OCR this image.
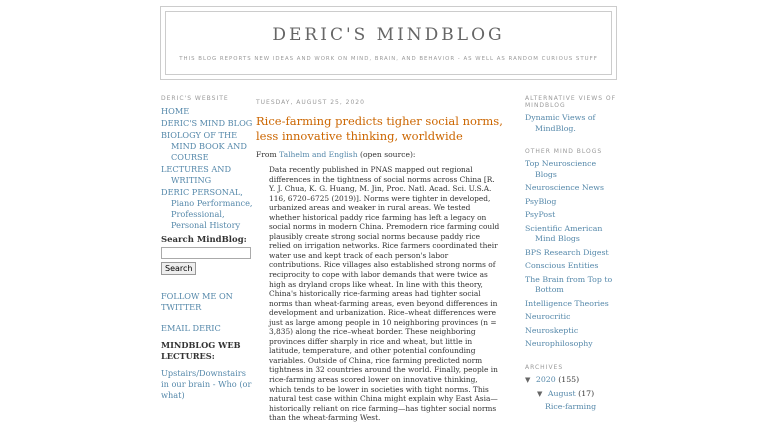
DERIC'S MINDBLOG
THIS BLOG REPORTS NEW IDEAS AND WORK ON MIND, BRAIN, AND BEHAVIOR - AS WELL AS RANDOM CURIOUS STUFF
DERIC'S WEBSITE
HOME
DERIC'S MIND BLOG
BIOLOGY OF THE MIND BOOK AND COURSE
LECTURES AND WRITING
DERIC PERSONAL, Piano Performance, Professional, Personal History
Search MindBlog:
Search
FOLLOW ME ON TWITTER
EMAIL DERIC
MINDBLOG WEB LECTURES:
Upstairs/Downstairs in our brain - Who (or what)
TUESDAY, AUGUST 25, 2020
Rice-farming predicts tigher social norms, less innovative thinking, worldwide
From Talhelm and English (open source):
Data recently published in PNAS mapped out regional differences in the tightness of social norms across China [R. Y. J. Chua, K. G. Huang, M. Jin, Proc. Natl. Acad. Sci. U.S.A. 116, 6720–6725 (2019)]. Norms were tighter in developed, urbanized areas and weaker in rural areas. We tested whether historical paddy rice farming has left a legacy on social norms in modern China. Premodern rice farming could plausibly create strong social norms because paddy rice relied on irrigation networks. Rice farmers coordinated their water use and kept track of each person's labor contributions. Rice villages also established strong norms of reciprocity to cope with labor demands that were twice as high as dryland crops like wheat. In line with this theory, China's historically rice-farming areas had tighter social norms than wheat-farming areas, even beyond differences in development and urbanization. Rice–wheat differences were just as large among people in 10 neighboring provinces (n = 3,835) along the rice–wheat border. These neighboring provinces differ sharply in rice and wheat, but little in latitude, temperature, and other potential confounding variables. Outside of China, rice farming predicted norm tightness in 32 countries around the world. Finally, people in rice-farming areas scored lower on innovative thinking, which tends to be lower in societies with tight norms. This natural test case within China might explain why East Asia—historically reliant on rice farming—has tighter social norms than the wheat-farming West.
ALTERNATIVE VIEWS OF MINDBLOG
Dynamic Views of MindBlog.
OTHER MIND BLOGS
Top Neuroscience Blogs
Neuroscience News
PsyBlog
PsyPost
Scientific American Mind Blogs
BPS Research Digest
Conscious Entities
The Brain from Top to Bottom
Intelligence Theories
Neurocritic
Neuroskeptic
Neurophilosophy
ARCHIVES
▼ 2020 (155)
▼ August (17)
Rice-farming
